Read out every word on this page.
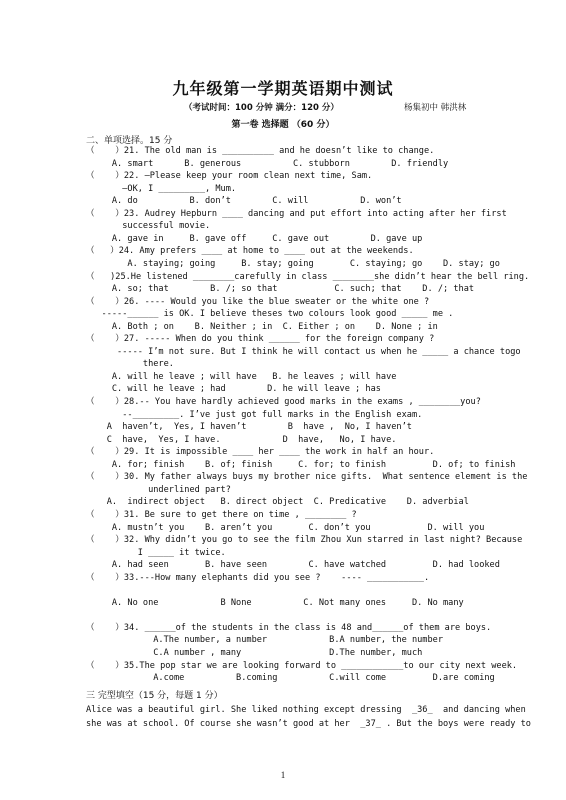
九年级第一学期英语期中测试
（考试时间：100 分钟 满分：120 分）	杨集初中 韩洪林
第一卷 选择题 （60 分）
二、单项选择。15 分
（    ）21. The old man is __________ and he doesn’t like to change.
A. smart      B. generous          C. stubborn        D. friendly
（    ）22. —Please keep your room clean next time, Sam.
—OK, I _________, Mum.
A. do          B. don’t        C. will          D. won’t
（    ）23. Audrey Hepburn ____ dancing and put effort into acting after her first
successful movie.
A. gave in     B. gave off     C. gave out        D. gave up
（   ）24. Amy prefers ____ at home to ____ out at the weekends.
A. staying; going     B. stay; going       C. staying; go    D. stay; go
（   )25.He listened ________carefully in class ________she didn’t hear the bell ring.
A. so; that        B. /; so that           C. such; that    D. /; that
（    ）26. ---- Would you like the blue sweater or the white one ?
-----______ is OK. I believe theses two colours look good _____ me .
A. Both ; on    B. Neither ; in  C. Either ; on    D. None ; in
（    ）27. ----- When do you think ______ for the foreign company ?
----- I’m not sure. But I think he will contact us when he _____ a chance togo
there.
A. will he leave ; will have   B. he leaves ; will have
C. will he leave ; had        D. he will leave ; has
（    ）28.-- You have hardly achieved good marks in the exams , ________you?
--_________. I’ve just got full marks in the English exam.
A  haven’t,  Yes, I haven’t        B  have ,  No, I haven’t
C  have,  Yes, I have.            D  have,   No, I have.
（    ）29. It is impossible ____ her ____ the work in half an hour.
A. for; finish    B. of; finish     C. for; to finish         D. of; to finish
（    ）30. My father always buys my brother nice gifts.  What sentence element is the
underlined part?
A.  indirect object   B. direct object  C. Predicative    D. adverbial
（    ）31. Be sure to get there on time , ________ ?
A. mustn’t you    B. aren’t you       C. don’t you           D. will you
（    ）32. Why didn’t you go to see the film Zhou Xun starred in last night? Because
I _____ it twice.
A. had seen       B. have seen        C. have watched         D. had looked
（    ）33.---How many elephants did you see ?    ---- ___________.
A. No one            B None          C. Not many ones     D. No many
（    ）34. ______of the students in the class is 48 and______of them are boys.
A.The number, a number            B.A number, the number
C.A number , many                 D.The number, much
（    ）35.The pop star we are looking forward to ____________to our city next week.
A.come          B.coming          C.will come         D.are coming
三 完型填空（15 分，每题 1 分）
Alice was a beautiful girl. She liked nothing except dressing  _36_  and dancing when
she was at school. Of course she wasn’t good at her  _37_ . But the boys were ready to
1
